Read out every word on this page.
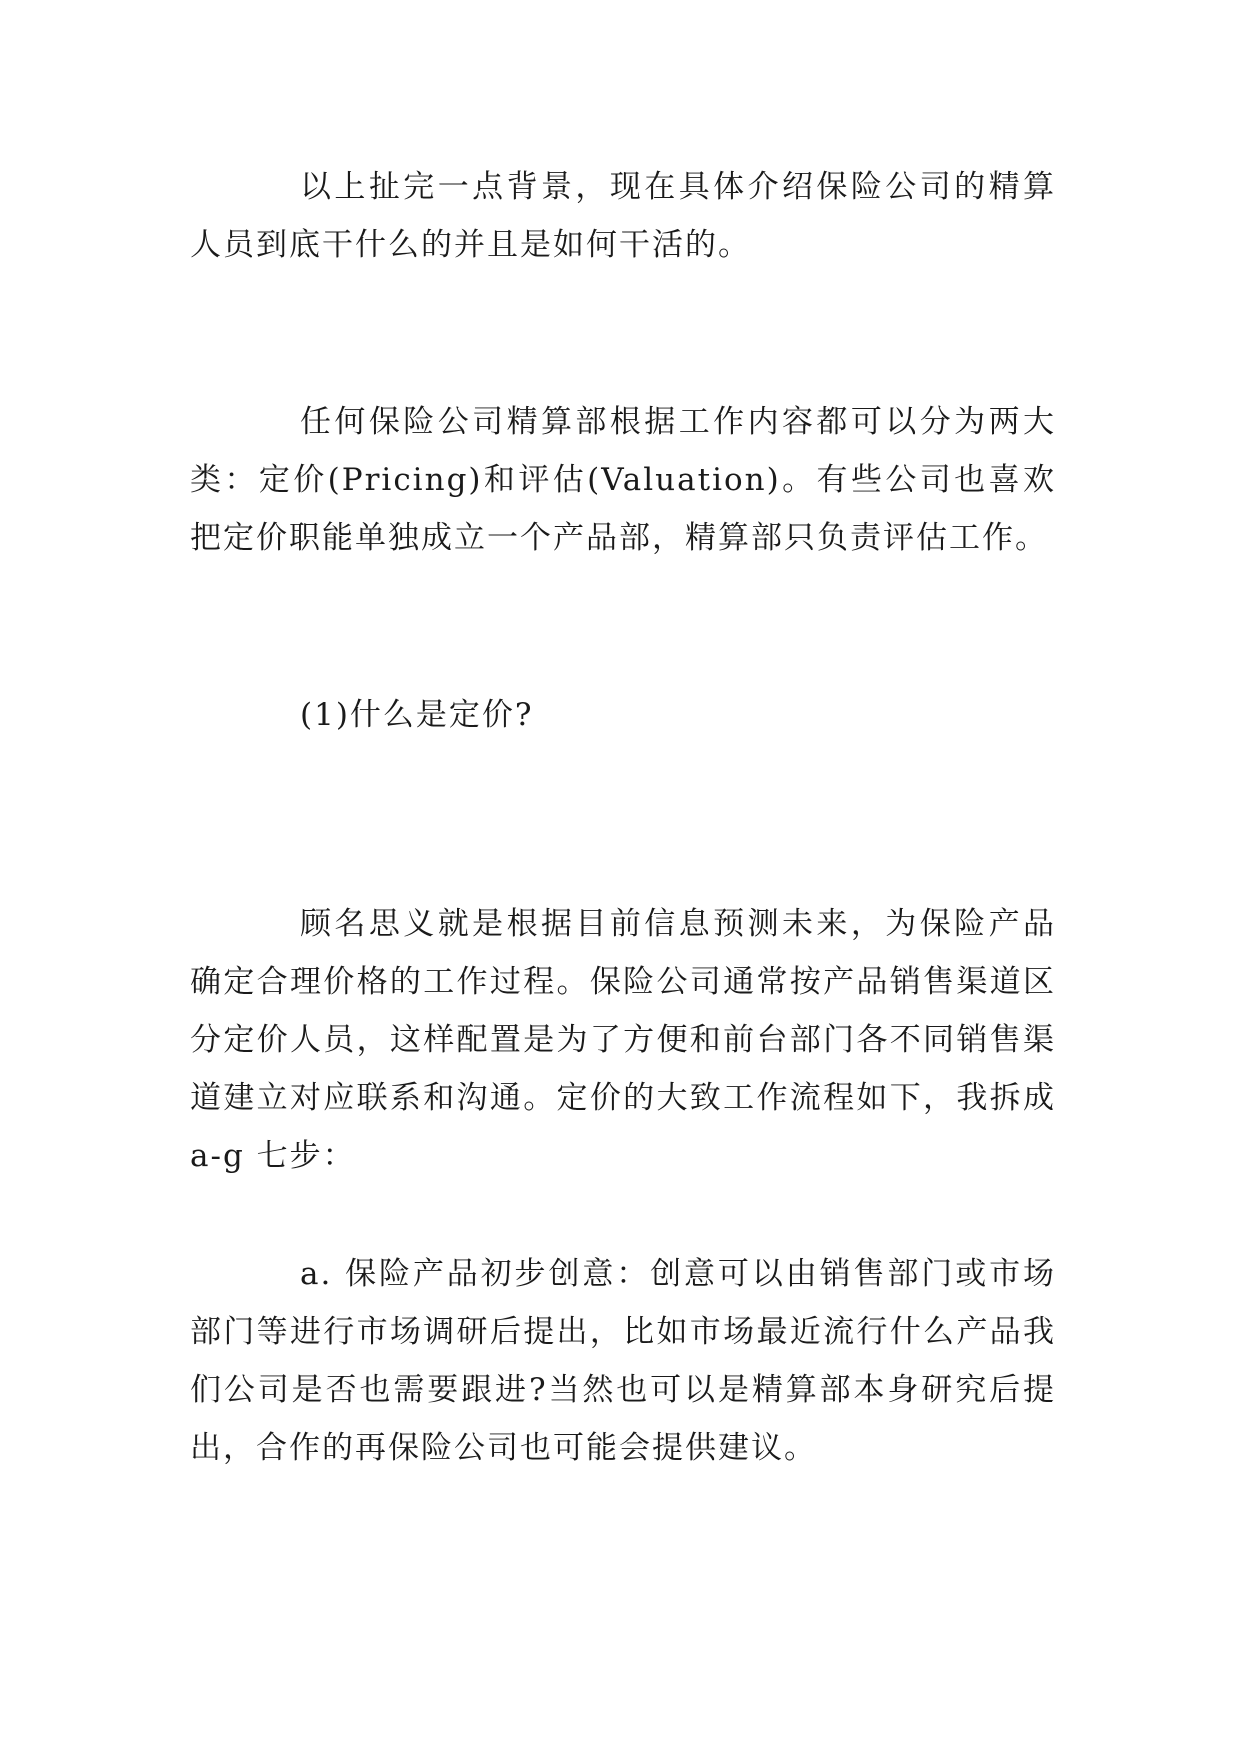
以上扯完一点背景，现在具体介绍保险公司的精算人员到底干什么的并且是如何干活的。

任何保险公司精算部根据工作内容都可以分为两大类：定价(Pricing)和评估(Valuation)。有些公司也喜欢把定价职能单独成立一个产品部，精算部只负责评估工作。

(1)什么是定价?

顾名思义就是根据目前信息预测未来，为保险产品确定合理价格的工作过程。保险公司通常按产品销售渠道区分定价人员，这样配置是为了方便和前台部门各不同销售渠道建立对应联系和沟通。定价的大致工作流程如下，我拆成 a-g 七步：

a. 保险产品初步创意：创意可以由销售部门或市场部门等进行市场调研后提出，比如市场最近流行什么产品我们公司是否也需要跟进?当然也可以是精算部本身研究后提出，合作的再保险公司也可能会提供建议。
